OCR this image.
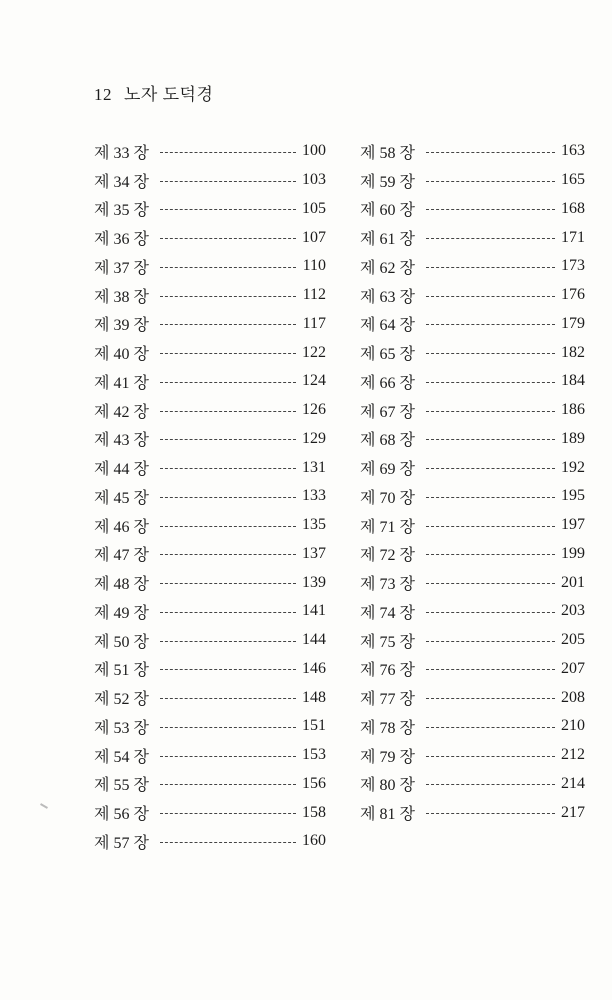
12 노자 도덕경
제 33 장	100
제 34 장	103
제 35 장	105
제 36 장	107
제 37 장	110
제 38 장	112
제 39 장	117
제 40 장	122
제 41 장	124
제 42 장	126
제 43 장	129
제 44 장	131
제 45 장	133
제 46 장	135
제 47 장	137
제 48 장	139
제 49 장	141
제 50 장	144
제 51 장	146
제 52 장	148
제 53 장	151
제 54 장	153
제 55 장	156
제 56 장	158
제 57 장	160
제 58 장	163
제 59 장	165
제 60 장	168
제 61 장	171
제 62 장	173
제 63 장	176
제 64 장	179
제 65 장	182
제 66 장	184
제 67 장	186
제 68 장	189
제 69 장	192
제 70 장	195
제 71 장	197
제 72 장	199
제 73 장	201
제 74 장	203
제 75 장	205
제 76 장	207
제 77 장	208
제 78 장	210
제 79 장	212
제 80 장	214
제 81 장	217
